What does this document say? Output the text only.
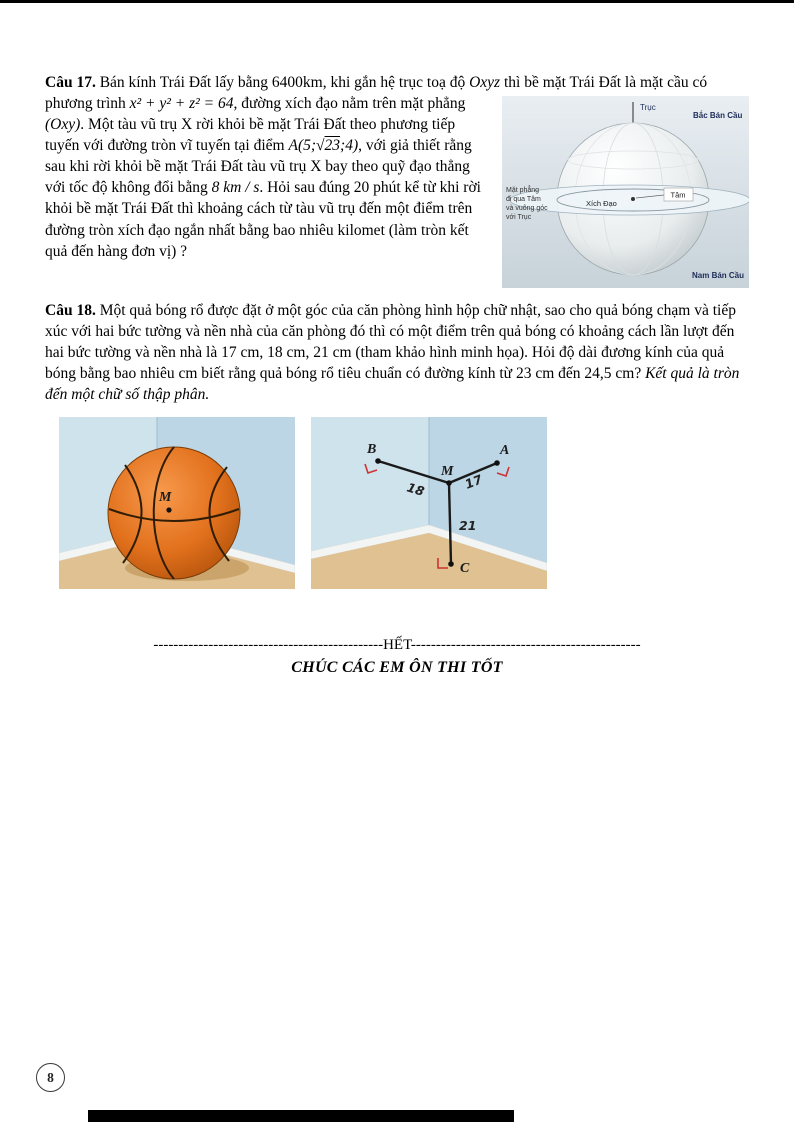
Câu 17. Bán kính Trái Đất lấy bằng 6400km, khi gắn hệ trục toạ độ Oxyz thì bề mặt Trái Đất là mặt cầu có
Tâm
Trục
Bắc Bán Cầu
Xích Đạo
Mặt phẳng
đi qua Tâm
và vuông góc
với Trục
Nam Bán Cầu
phương trình x² + y² + z² = 64, đường xích đạo nằm trên mặt phẳng (Oxy). Một tàu vũ trụ X rời khỏi bề mặt Trái Đất theo phương tiếp tuyến với đường tròn vĩ tuyến tại điểm A(5;√23;4), với giả thiết rằng sau khi rời khỏi bề mặt Trái Đất tàu vũ trụ X bay theo quỹ đạo thẳng với tốc độ không đổi bằng 8 km / s. Hỏi sau đúng 20 phút kể từ khi rời khỏi bề mặt Trái Đất thì khoảng cách từ tàu vũ trụ đến một điểm trên đường tròn xích đạo ngắn nhất bằng bao nhiêu kilomet (làm tròn kết quả đến hàng đơn vị) ?
Câu 18. Một quả bóng rổ được đặt ở một góc của căn phòng hình hộp chữ nhật, sao cho quả bóng chạm và tiếp xúc với hai bức tường và nền nhà của căn phòng đó thì có một điểm trên quả bóng có khoảng cách lần lượt đến hai bức tường và nền nhà là 17 cm, 18 cm, 21 cm (tham khảo hình minh họa). Hỏi độ dài đương kính của quả bóng bằng bao nhiêu cm biết rằng quả bóng rổ tiêu chuẩn có đường kính từ 23 cm đến 24,5 cm? Kết quả là tròn đến một chữ số thập phân.
M
B	A
M
C
18	17
21
----------------------------------------------HẾT----------------------------------------------
CHÚC CÁC EM ÔN THI TỐT
8
